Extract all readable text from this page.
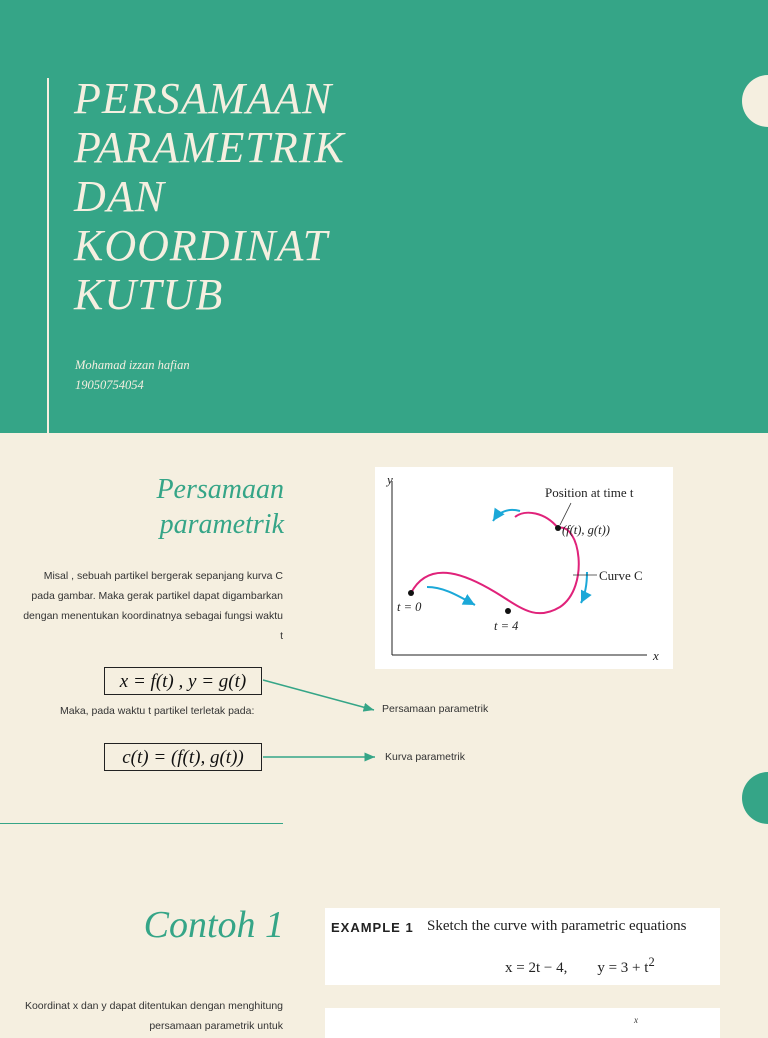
PERSAMAAN
PARAMETRIK
DAN
KOORDINAT
KUTUB
Mohamad izzan hafian
19050754054
Persamaan
parametrik
Misal , sebuah partikel bergerak sepanjang kurva C pada gambar. Maka gerak partikel dapat digambarkan dengan menentukan koordinatnya sebagai fungsi waktu t
y
x
Position at time t
(f(t), g(t))
Curve C
t = 0
t = 4
x = f(t) , y = g(t)
Maka, pada waktu t partikel terletak pada:
c(t) = (f(t), g(t))
Persamaan parametrik
Kurva parametrik
Contoh 1	EXAMPLE 1 Sketch the curve with parametric equations
x = 2t − 4, $y = 3 + t^2$
Koordinat x dan y dapat ditentukan dengan menghitung persamaan parametrik untuk	x
